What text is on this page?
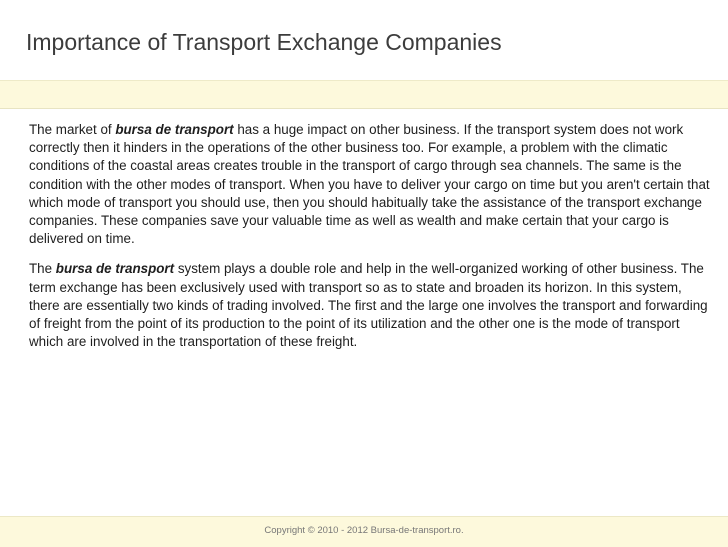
Importance of Transport Exchange Companies

The market of bursa de transport has a huge impact on other business. If the transport system does not work correctly then it hinders in the operations of the other business too. For example, a problem with the climatic conditions of the coastal areas creates trouble in the transport of cargo through sea channels. The same is the condition with the other modes of transport. When you have to deliver your cargo on time but you aren't certain that which mode of transport you should use, then you should habitually take the assistance of the transport exchange companies. These companies save your valuable time as well as wealth and make certain that your cargo is delivered on time.

The bursa de transport system plays a double role and help in the well-organized working of other business. The term exchange has been exclusively used with transport so as to state and broaden its horizon. In this system, there are essentially two kinds of trading involved. The first and the large one involves the transport and forwarding of freight from the point of its production to the point of its utilization and the other one is the mode of transport which are involved in the transportation of these freight.

Copyright © 2010 - 2012 Bursa-de-transport.ro.
